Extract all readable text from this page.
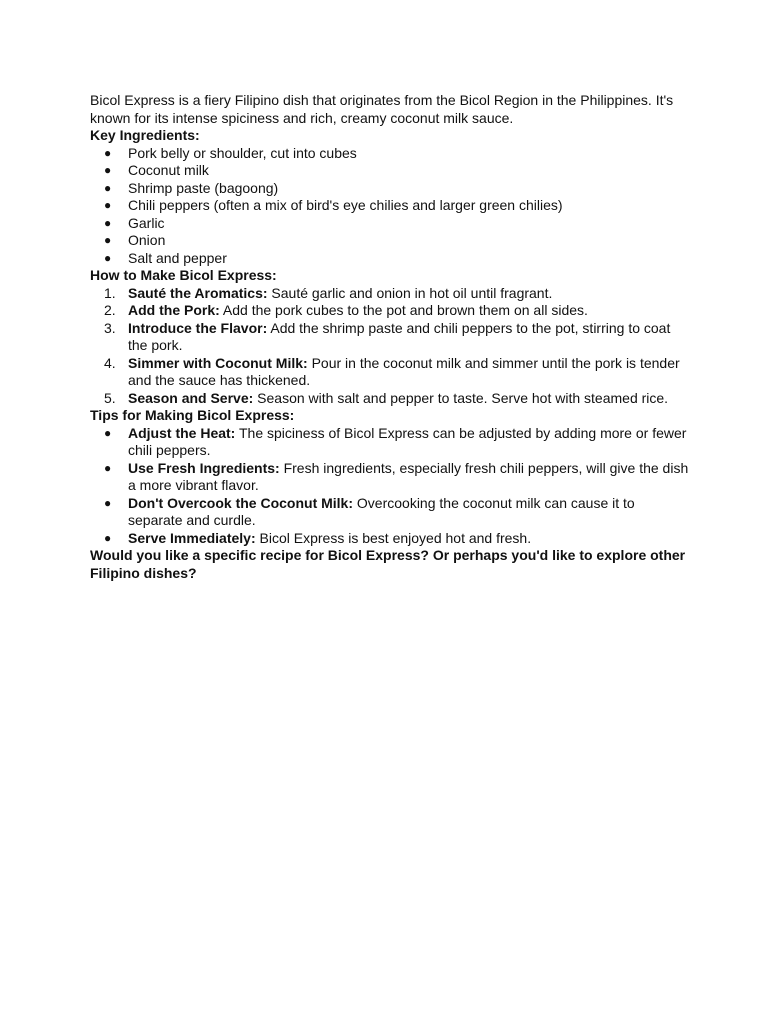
Bicol Express is a fiery Filipino dish that originates from the Bicol Region in the Philippines. It's known for its intense spiciness and rich, creamy coconut milk sauce.

Key Ingredients:

● Pork belly or shoulder, cut into cubes
● Coconut milk
● Shrimp paste (bagoong)
● Chili peppers (often a mix of bird's eye chilies and larger green chilies)
● Garlic
● Onion
● Salt and pepper

How to Make Bicol Express:

1. Sauté the Aromatics: Sauté garlic and onion in hot oil until fragrant.
2. Add the Pork: Add the pork cubes to the pot and brown them on all sides.
3. Introduce the Flavor: Add the shrimp paste and chili peppers to the pot, stirring to coat the pork.
4. Simmer with Coconut Milk: Pour in the coconut milk and simmer until the pork is tender and the sauce has thickened.
5. Season and Serve: Season with salt and pepper to taste. Serve hot with steamed rice.

Tips for Making Bicol Express:

● Adjust the Heat: The spiciness of Bicol Express can be adjusted by adding more or fewer chili peppers.
● Use Fresh Ingredients: Fresh ingredients, especially fresh chili peppers, will give the dish a more vibrant flavor.
● Don't Overcook the Coconut Milk: Overcooking the coconut milk can cause it to separate and curdle.
● Serve Immediately: Bicol Express is best enjoyed hot and fresh.

Would you like a specific recipe for Bicol Express? Or perhaps you'd like to explore other Filipino dishes?
